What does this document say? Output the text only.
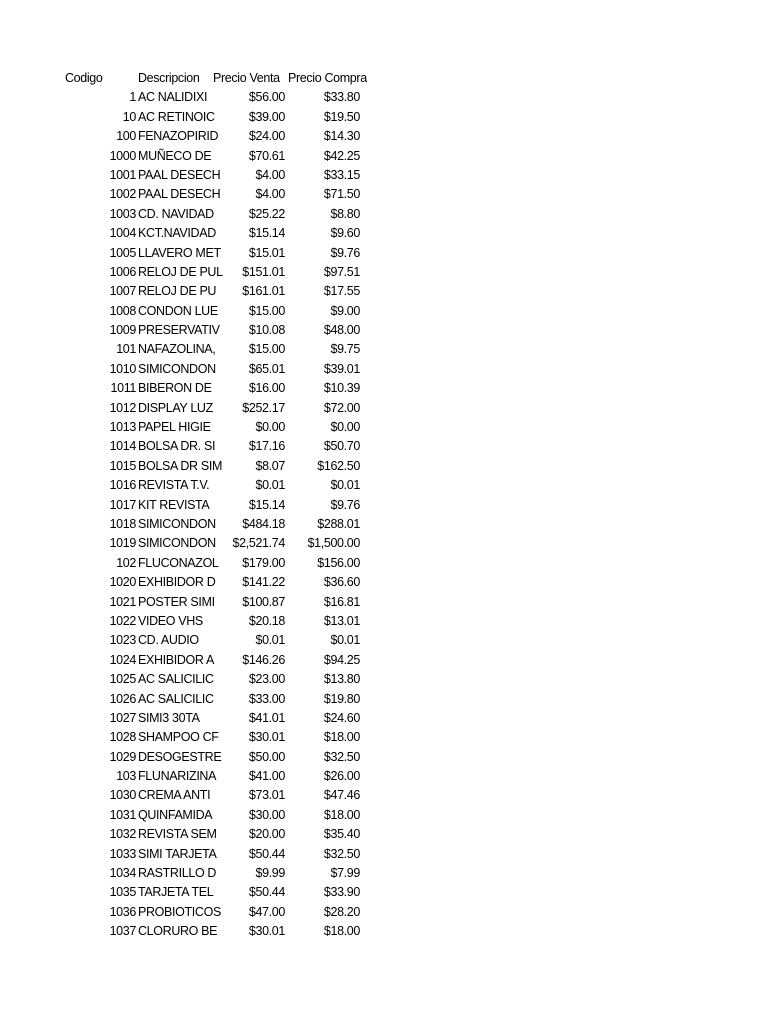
Codigo	Descripcion	Precio Venta Precio Compra
1 AC NALIDIXI	$56.00	$33.80
10 AC RETINOIC	$39.00	$19.50
100 FENAZOPIRID	$24.00	$14.30
1000 MUÑECO DE	$70.61	$42.25
1001 PAAL DESECH	$4.00	$33.15
1002 PAAL DESECH	$4.00	$71.50
1003 CD. NAVIDAD	$25.22	$8.80
1004 KCT.NAVIDAD	$15.14	$9.60
1005 LLAVERO MET	$15.01	$9.76
1006 RELOJ DE PUL	$151.01	$97.51
1007 RELOJ DE PU	$161.01	$17.55
1008 CONDON LUE	$15.00	$9.00
1009 PRESERVATIV	$10.08	$48.00
101 NAFAZOLINA,	$15.00	$9.75
1010 SIMICONDON	$65.01	$39.01
1011 BIBERON DE	$16.00	$10.39
1012 DISPLAY LUZ	$252.17	$72.00
1013 PAPEL HIGIE	$0.00	$0.00
1014 BOLSA DR. SI	$17.16	$50.70
1015 BOLSA DR SIM	$8.07	$162.50
1016 REVISTA T.V.	$0.01	$0.01
1017 KIT REVISTA	$15.14	$9.76
1018 SIMICONDON	$484.18	$288.01
1019 SIMICONDON	$2,521.74	$1,500.00
102 FLUCONAZOL	$179.00	$156.00
1020 EXHIBIDOR D	$141.22	$36.60
1021 POSTER SIMI	$100.87	$16.81
1022 VIDEO VHS	$20.18	$13.01
1023 CD. AUDIO	$0.01	$0.01
1024 EXHIBIDOR A	$146.26	$94.25
1025 AC SALICILIC	$23.00	$13.80
1026 AC SALICILIC	$33.00	$19.80
1027 SIMI3 30TA	$41.01	$24.60
1028 SHAMPOO CF	$30.01	$18.00
1029 DESOGESTRE	$50.00	$32.50
103 FLUNARIZINA	$41.00	$26.00
1030 CREMA ANTI	$73.01	$47.46
1031 QUINFAMIDA	$30.00	$18.00
1032 REVISTA SEM	$20.00	$35.40
1033 SIMI TARJETA	$50.44	$32.50
1034 RASTRILLO D	$9.99	$7.99
1035 TARJETA TEL	$50.44	$33.90
1036 PROBIOTICOS	$47.00	$28.20
1037 CLORURO BE	$30.01	$18.00
